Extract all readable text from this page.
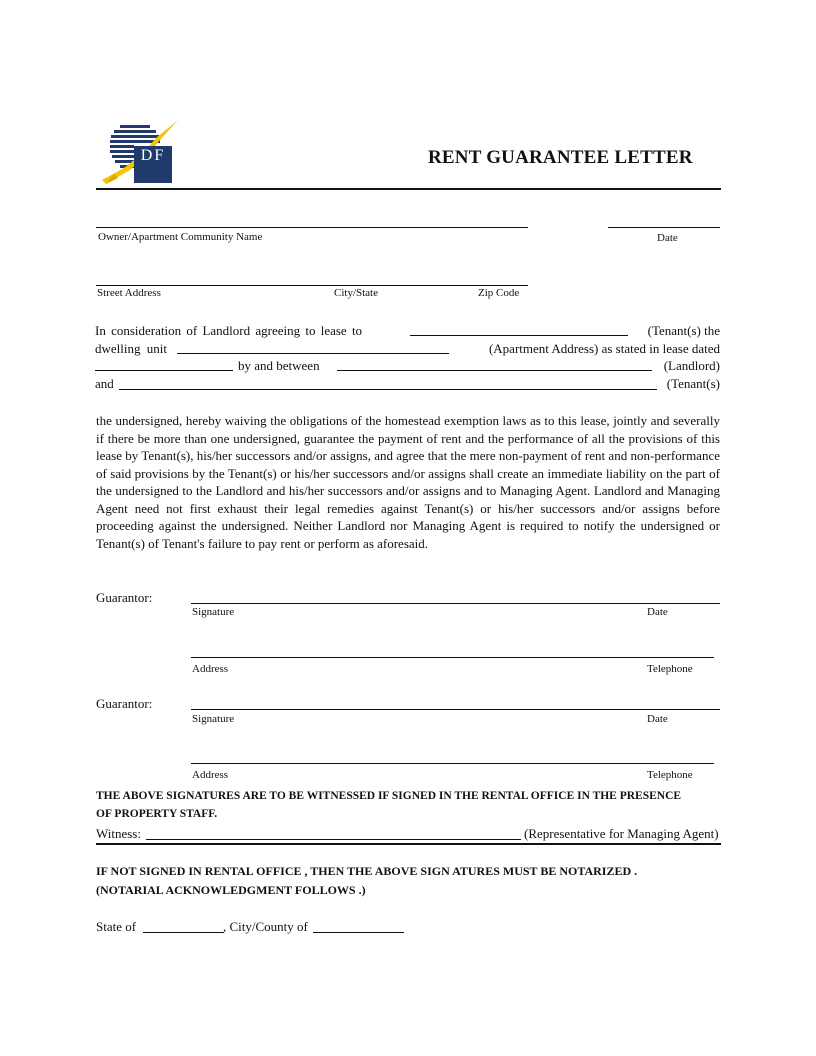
DF	RENT GUARANTEE LETTER
Owner/Apartment Community Name	Date
Street Address	City/State	Zip Code
In consideration of Landlord agreeing to lease to	(Tenant(s) the
dwelling unit	(Apartment Address) as stated in lease dated
by and between	(Landlord)
and	(Tenant(s)
the undersigned, hereby waiving the obligations of the homestead exemption laws as to this lease, jointly and severally if there be more than one undersigned, guarantee the payment of rent and the performance of all the provisions of this lease by Tenant(s), his/her successors and/or assigns, and agree that the mere non-payment of rent and non-performance of said provisions by the Tenant(s) or his/her successors and/or assigns shall create an immediate liability on the part of the undersigned to the Landlord and his/her successors and/or assigns and to Managing Agent. Landlord and Managing Agent need not first exhaust their legal remedies against Tenant(s) or his/her successors and/or assigns before proceeding against the undersigned. Neither Landlord nor Managing Agent is required to notify the undersigned or Tenant(s) of Tenant's failure to pay rent or perform as aforesaid.
Guarantor:
Signature	Date
Address	Telephone
Guarantor:
Signature	Date
Address	Telephone
THE ABOVE SIGNATURES ARE TO BE WITNESSED IF SIGNED IN THE RENTAL OFFICE IN THE PRESENCE
OF PROPERTY STAFF.
Witness:	(Representative for Managing Agent)
IF NOT SIGNED IN RENTAL OFFICE , THEN THE ABOVE SIGN ATURES MUST BE NOTARIZED .
(NOTARIAL ACKNOWLEDGMENT FOLLOWS .)
State of	, City/County of
